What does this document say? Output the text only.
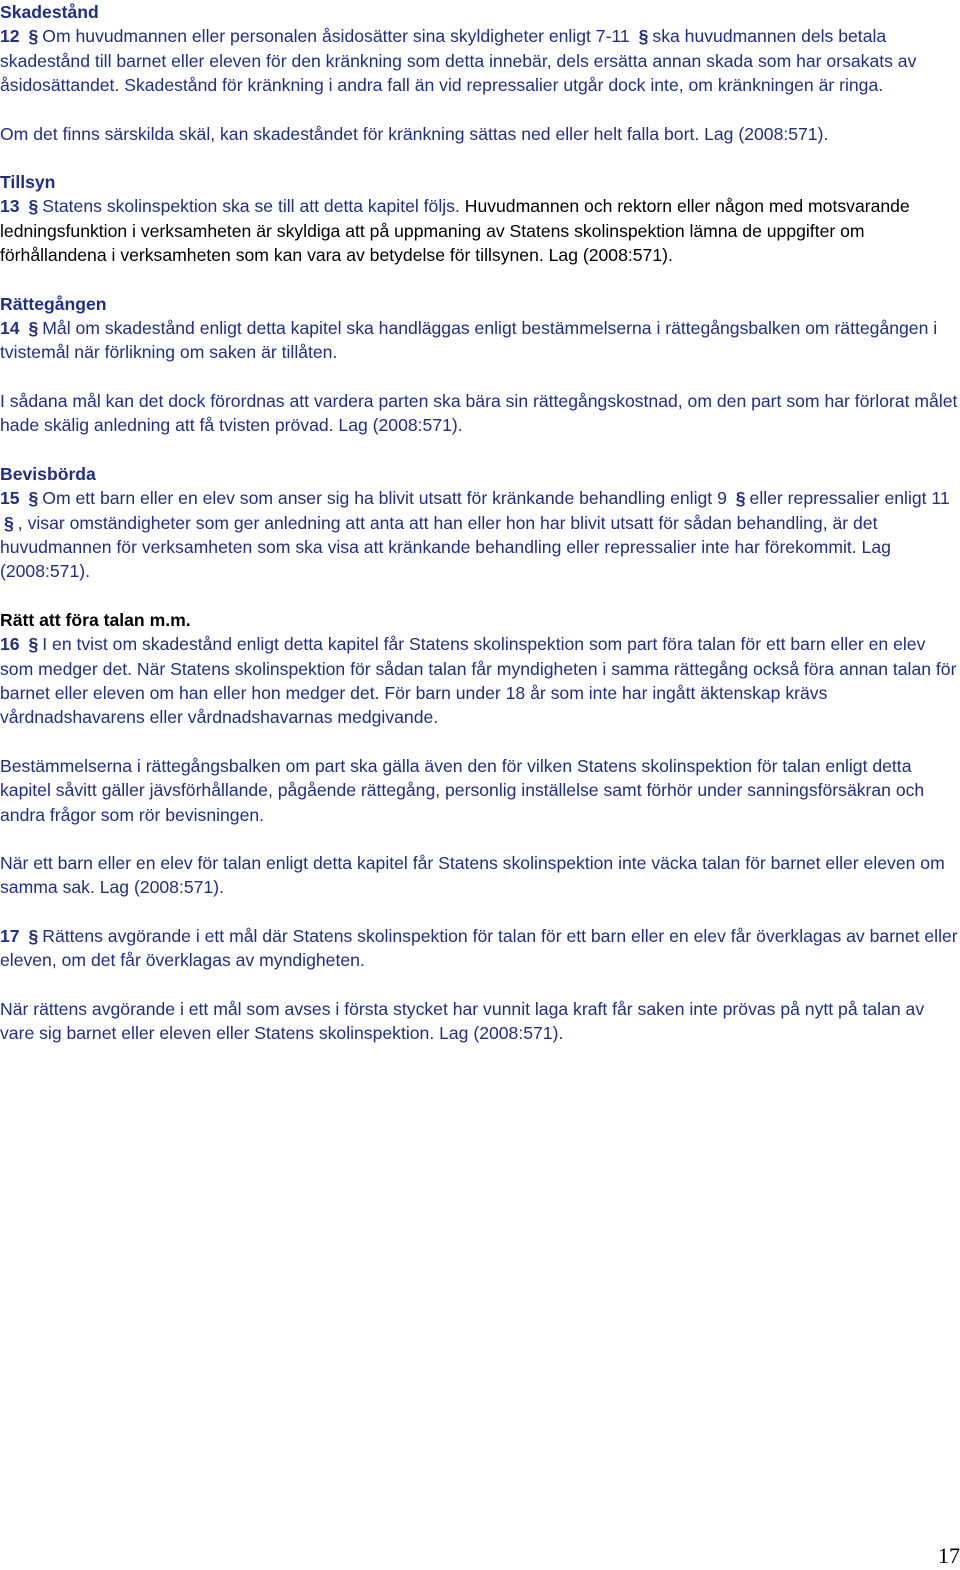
Skadestånd

12 § Om huvudmannen eller personalen åsidosätter sina skyldigheter enligt 7-11 § ska huvudmannen dels betala skadestånd till barnet eller eleven för den kränkning som detta innebär, dels ersätta annan skada som har orsakats av åsidosättandet. Skadestånd för kränkning i andra fall än vid repressalier utgår dock inte, om kränkningen är ringa.

Om det finns särskilda skäl, kan skadeståndet för kränkning sättas ned eller helt falla bort. Lag (2008:571).

Tillsyn

13 § Statens skolinspektion ska se till att detta kapitel följs. Huvudmannen och rektorn eller någon med motsvarande ledningsfunktion i verksamheten är skyldiga att på uppmaning av Statens skolinspektion lämna de uppgifter om förhållandena i verksamheten som kan vara av betydelse för tillsynen. Lag (2008:571).

Rättegången

14 § Mål om skadestånd enligt detta kapitel ska handläggas enligt bestämmelserna i rättegångsbalken om rättegången i tvistemål när förlikning om saken är tillåten.

I sådana mål kan det dock förordnas att vardera parten ska bära sin rättegångskostnad, om den part som har förlorat målet hade skälig anledning att få tvisten prövad. Lag (2008:571).

Bevisbörda

15 § Om ett barn eller en elev som anser sig ha blivit utsatt för kränkande behandling enligt 9 § eller repressalier enligt 11 § , visar omständigheter som ger anledning att anta att han eller hon har blivit utsatt för sådan behandling, är det huvudmannen för verksamheten som ska visa att kränkande behandling eller repressalier inte har förekommit. Lag (2008:571).

Rätt att föra talan m.m.

16 § I en tvist om skadestånd enligt detta kapitel får Statens skolinspektion som part föra talan för ett barn eller en elev som medger det. När Statens skolinspektion för sådan talan får myndigheten i samma rättegång också föra annan talan för barnet eller eleven om han eller hon medger det. För barn under 18 år som inte har ingått äktenskap krävs vårdnadshavarens eller vårdnadshavarnas medgivande.

Bestämmelserna i rättegångsbalken om part ska gälla även den för vilken Statens skolinspektion för talan enligt detta kapitel såvitt gäller jävsförhållande, pågående rättegång, personlig inställelse samt förhör under sanningsförsäkran och andra frågor som rör bevisningen.

När ett barn eller en elev för talan enligt detta kapitel får Statens skolinspektion inte väcka talan för barnet eller eleven om samma sak. Lag (2008:571).

17 § Rättens avgörande i ett mål där Statens skolinspektion för talan för ett barn eller en elev får överklagas av barnet eller eleven, om det får överklagas av myndigheten.

När rättens avgörande i ett mål som avses i första stycket har vunnit laga kraft får saken inte prövas på nytt på talan av vare sig barnet eller eleven eller Statens skolinspektion. Lag (2008:571).

17
